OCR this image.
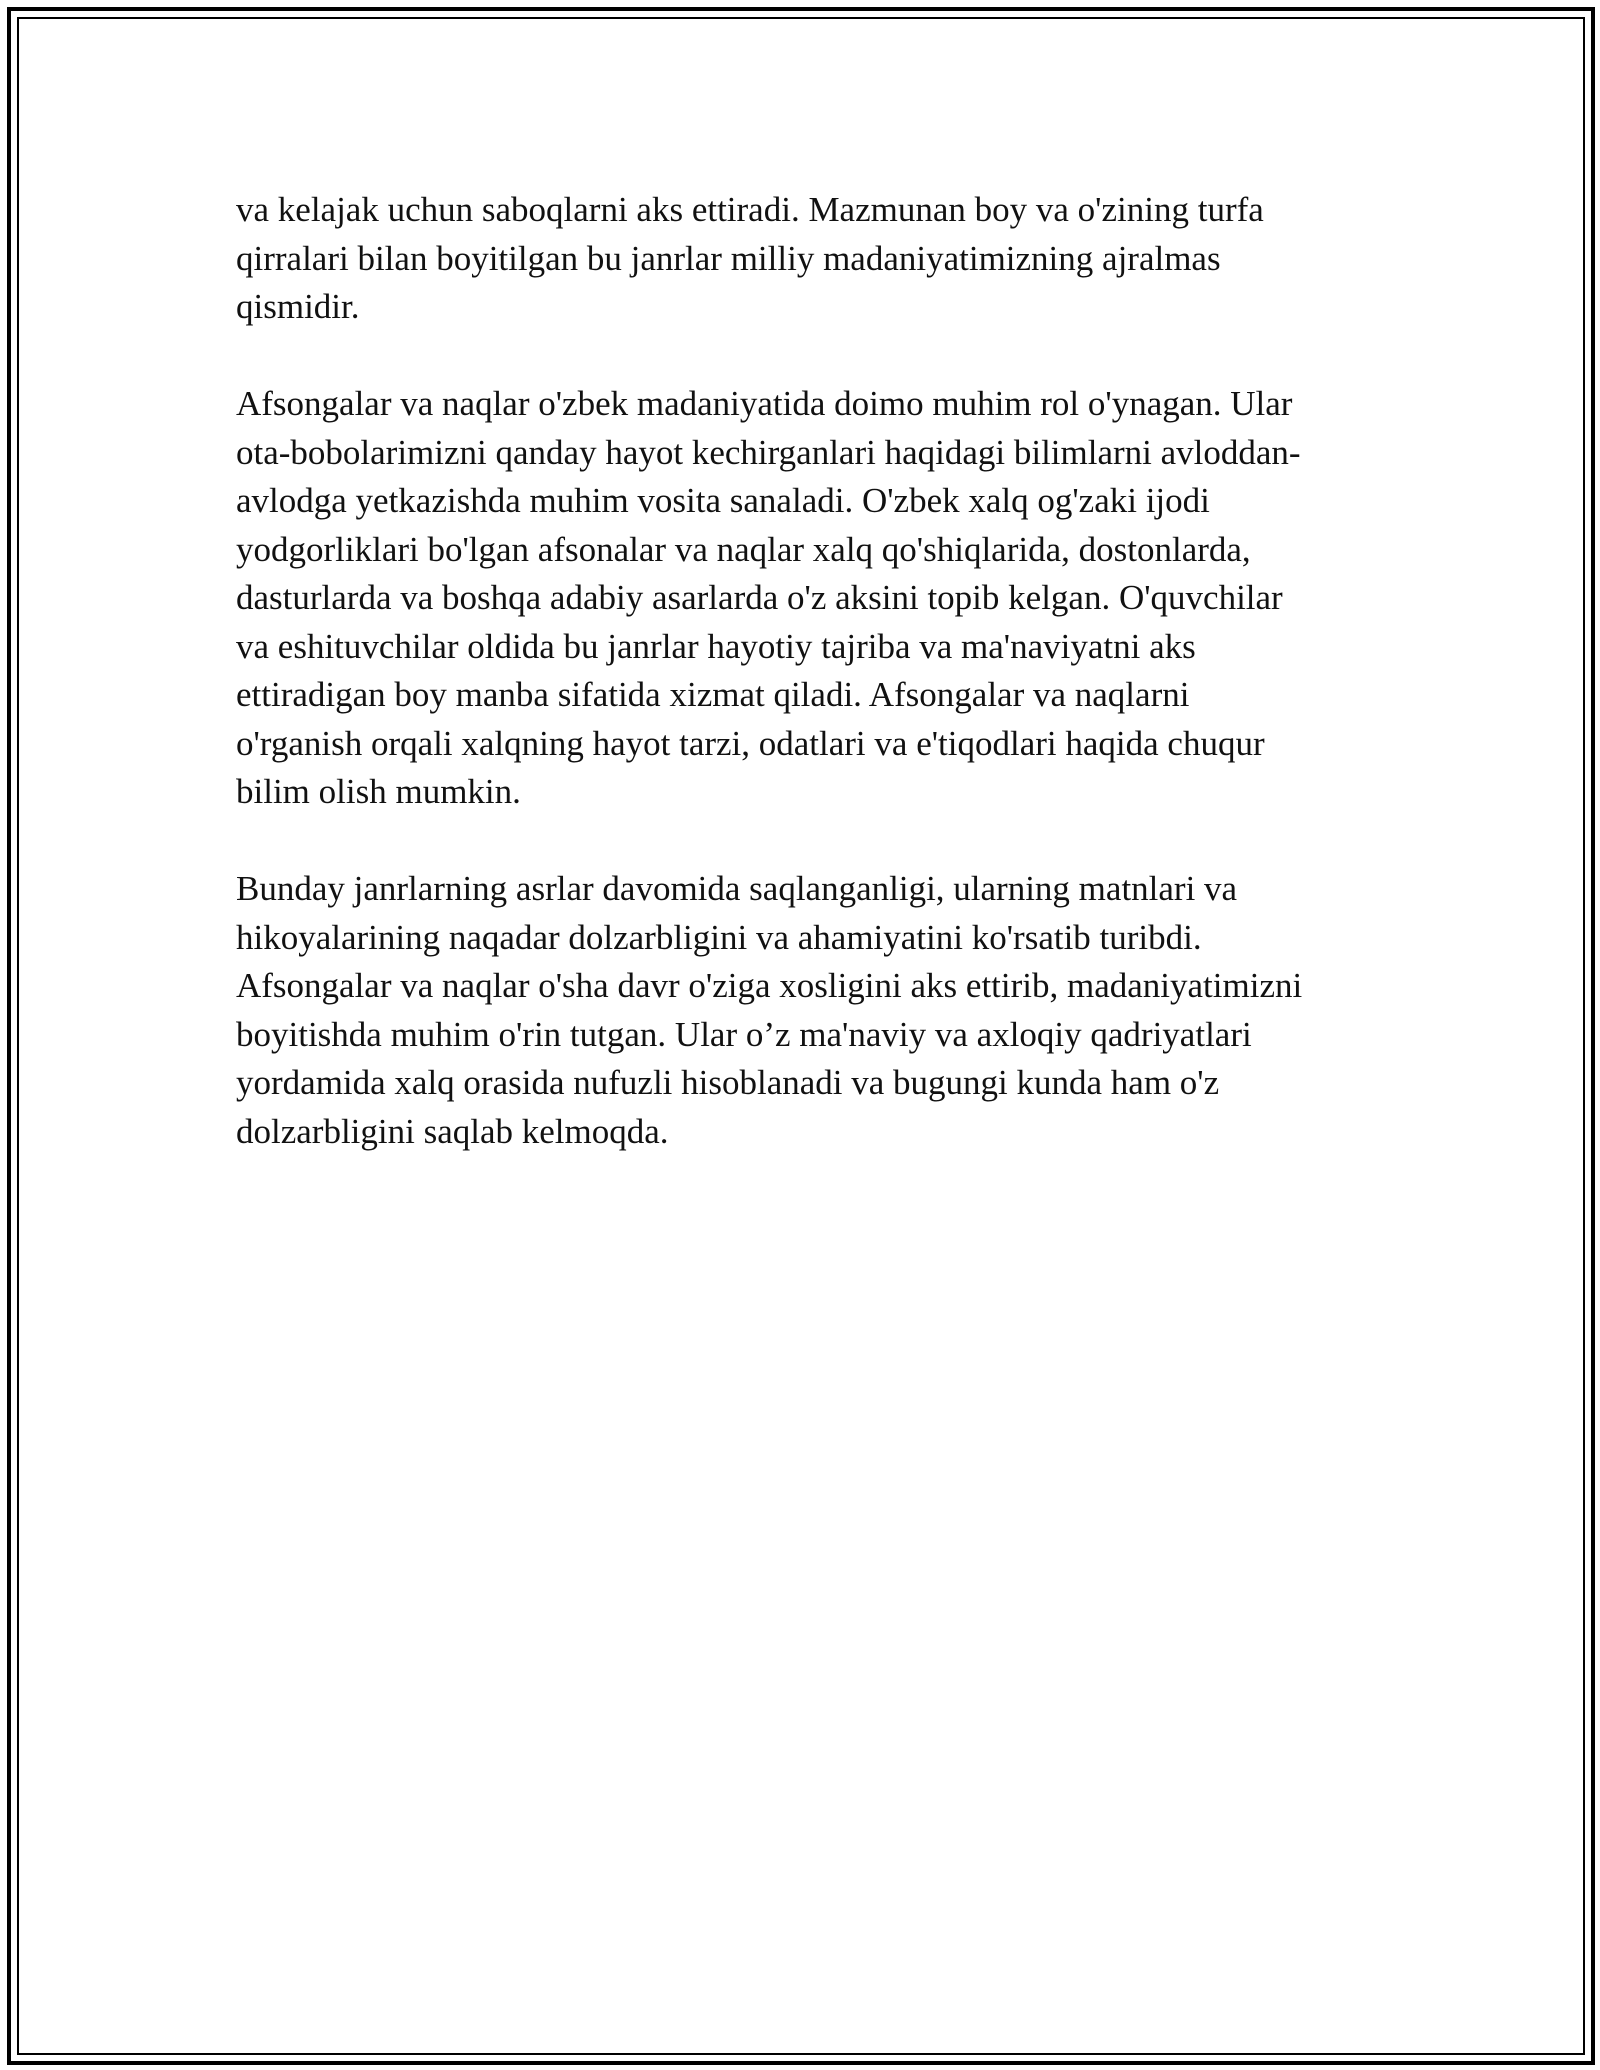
va kelajak uchun saboqlarni aks ettiradi. Mazmunan boy va o'zining turfa
qirralari bilan boyitilgan bu janrlar milliy madaniyatimizning ajralmas
qismidir.

Afsongalar va naqlar o'zbek madaniyatida doimo muhim rol o'ynagan. Ular
ota-bobolarimizni qanday hayot kechirganlari haqidagi bilimlarni avloddan-
avlodga yetkazishda muhim vosita sanaladi. O'zbek xalq og'zaki ijodi
yodgorliklari bo'lgan afsonalar va naqlar xalq qo'shiqlarida, dostonlarda,
dasturlarda va boshqa adabiy asarlarda o'z aksini topib kelgan. O'quvchilar
va eshituvchilar oldida bu janrlar hayotiy tajriba va ma'naviyatni aks
ettiradigan boy manba sifatida xizmat qiladi. Afsongalar va naqlarni
o'rganish orqali xalqning hayot tarzi, odatlari va e'tiqodlari haqida chuqur
bilim olish mumkin.

Bunday janrlarning asrlar davomida saqlanganligi, ularning matnlari va
hikoyalarining naqadar dolzarbligini va ahamiyatini ko'rsatib turibdi.
Afsongalar va naqlar o'sha davr o'ziga xosligini aks ettirib, madaniyatimizni
boyitishda muhim o'rin tutgan. Ular o’z ma'naviy va axloqiy qadriyatlari
yordamida xalq orasida nufuzli hisoblanadi va bugungi kunda ham o'z
dolzarbligini saqlab kelmoqda.
